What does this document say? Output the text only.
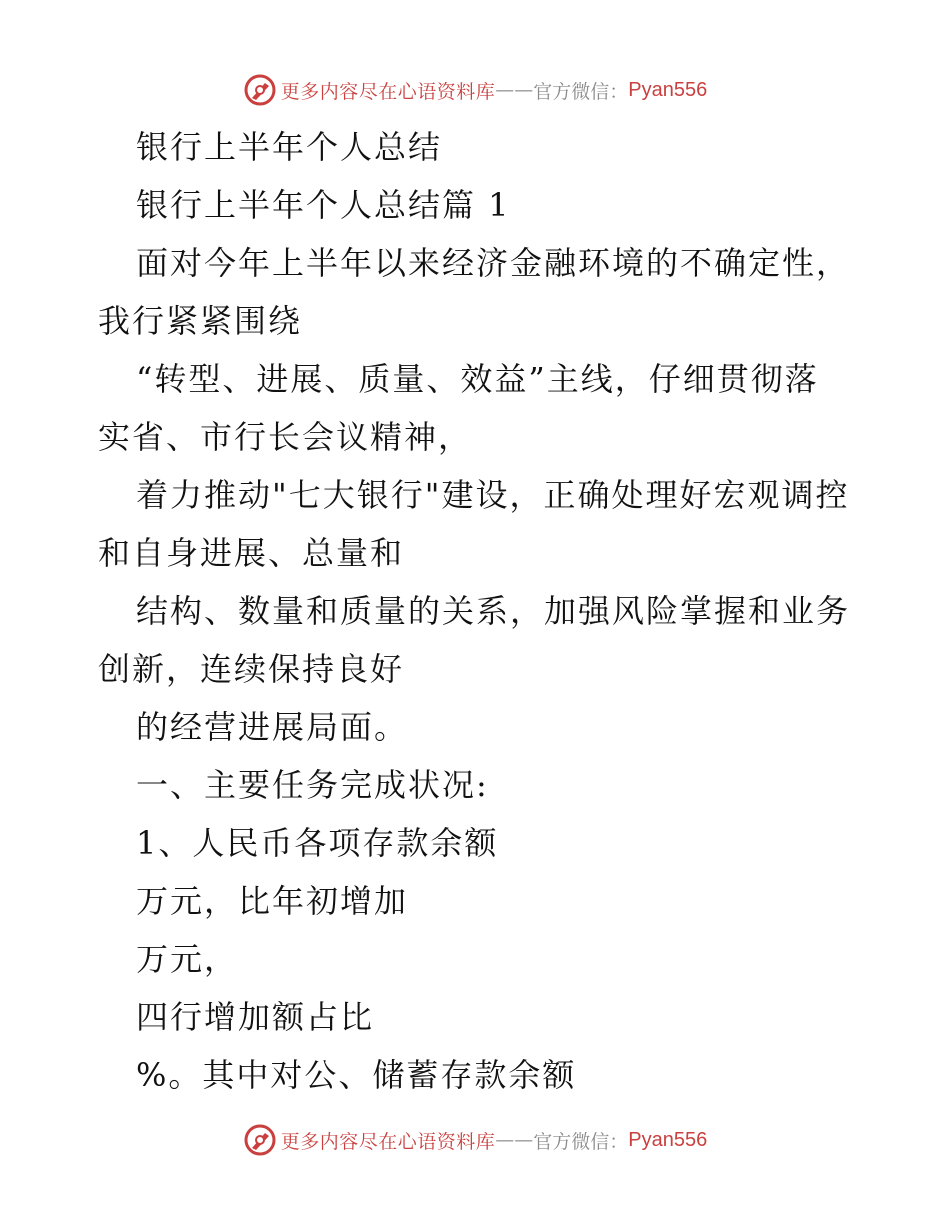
更多内容尽在心语资料库 —— 官方微信： Pyan556
银行上半年个人总结
银行上半年个人总结篇 1
面对今年上半年以来经济金融环境的不确定性，
我行紧紧围绕
“转型、进展、质量、效益”主线，仔细贯彻落
实省、市行长会议精神，
着力推动"七大银行"建设，正确处理好宏观调控
和自身进展、总量和
结构、数量和质量的关系，加强风险掌握和业务
创新，连续保持良好
的经营进展局面。
一、主要任务完成状况:
1、人民币各项存款余额
万元，比年初增加
万元，
四行增加额占比
%。其中对公、储蓄存款余额
更多内容尽在心语资料库 —— 官方微信： Pyan556
